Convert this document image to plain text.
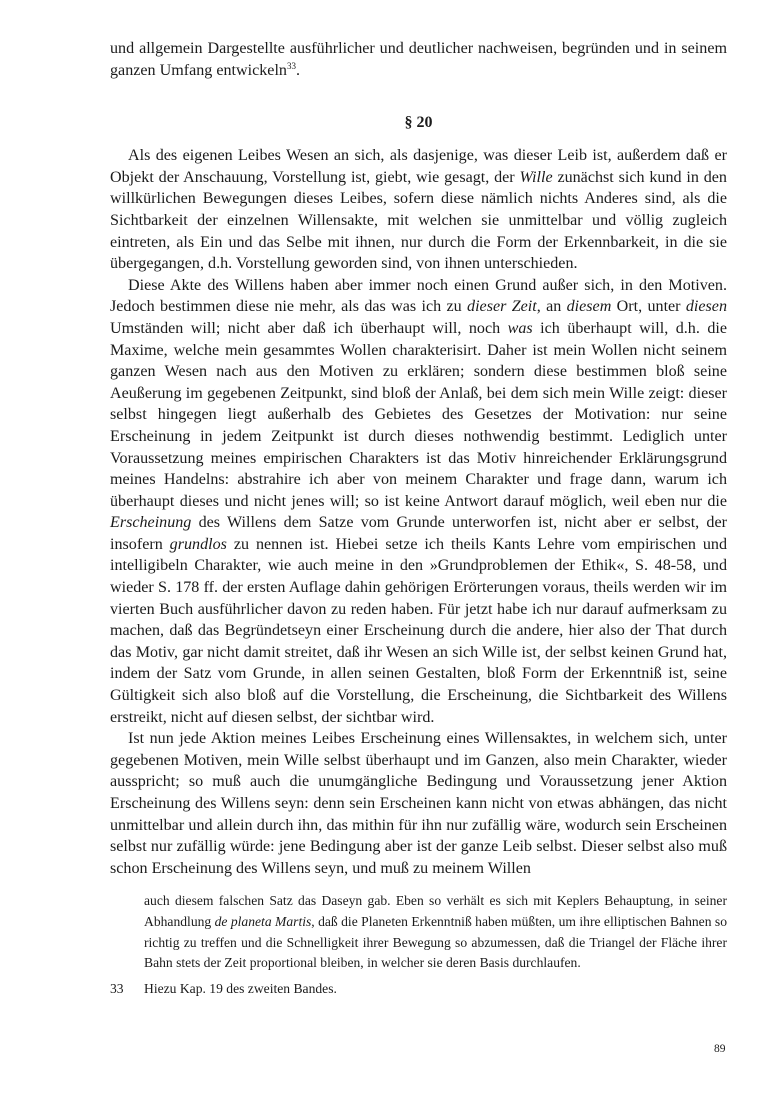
und allgemein Dargestellte ausführlicher und deutlicher nachweisen, begründen und in seinem ganzen Umfang entwickeln$^{33}$.

§ 20

Als des eigenen Leibes Wesen an sich, als dasjenige, was dieser Leib ist, außerdem daß er Objekt der Anschauung, Vorstellung ist, giebt, wie gesagt, der Wille zunächst sich kund in den willkürlichen Bewegungen dieses Leibes, sofern diese nämlich nichts Anderes sind, als die Sichtbarkeit der einzelnen Willensakte, mit welchen sie unmittelbar und völlig zugleich eintreten, als Ein und das Selbe mit ihnen, nur durch die Form der Erkennbarkeit, in die sie übergegangen, d.h. Vorstellung geworden sind, von ihnen unterschieden.

Diese Akte des Willens haben aber immer noch einen Grund außer sich, in den Motiven. Jedoch bestimmen diese nie mehr, als das was ich zu dieser Zeit, an diesem Ort, unter diesen Umständen will; nicht aber daß ich überhaupt will, noch was ich überhaupt will, d.h. die Maxime, welche mein gesammtes Wollen charakterisirt. Daher ist mein Wollen nicht seinem ganzen Wesen nach aus den Motiven zu erklären; sondern diese bestimmen bloß seine Aeußerung im gegebenen Zeitpunkt, sind bloß der Anlaß, bei dem sich mein Wille zeigt: dieser selbst hingegen liegt außerhalb des Gebietes des Gesetzes der Motivation: nur seine Erscheinung in jedem Zeitpunkt ist durch dieses nothwendig bestimmt. Lediglich unter Voraussetzung meines empirischen Charakters ist das Motiv hinreichender Erklärungsgrund meines Handelns: abstrahire ich aber von meinem Charakter und frage dann, warum ich überhaupt dieses und nicht jenes will; so ist keine Antwort darauf möglich, weil eben nur die Erscheinung des Willens dem Satze vom Grunde unterworfen ist, nicht aber er selbst, der insofern grundlos zu nennen ist. Hiebei setze ich theils Kants Lehre vom empirischen und intelligibeln Charakter, wie auch meine in den »Grundproblemen der Ethik«, S. 48-58, und wieder S. 178 ff. der ersten Auflage dahin gehörigen Erörterungen voraus, theils werden wir im vierten Buch ausführlicher davon zu reden haben. Für jetzt habe ich nur darauf aufmerksam zu machen, daß das Begründetseyn einer Erscheinung durch die andere, hier also der That durch das Motiv, gar nicht damit streitet, daß ihr Wesen an sich Wille ist, der selbst keinen Grund hat, indem der Satz vom Grunde, in allen seinen Gestalten, bloß Form der Erkenntniß ist, seine Gültigkeit sich also bloß auf die Vorstellung, die Erscheinung, die Sichtbarkeit des Willens erstreikt, nicht auf diesen selbst, der sichtbar wird.

Ist nun jede Aktion meines Leibes Erscheinung eines Willensaktes, in welchem sich, unter gegebenen Motiven, mein Wille selbst überhaupt und im Ganzen, also mein Charakter, wieder ausspricht; so muß auch die unumgängliche Bedingung und Voraussetzung jener Aktion Erscheinung des Willens seyn: denn sein Erscheinen kann nicht von etwas abhängen, das nicht unmittelbar und allein durch ihn, das mithin für ihn nur zufällig wäre, wodurch sein Erscheinen selbst nur zufällig würde: jene Bedingung aber ist der ganze Leib selbst. Dieser selbst also muß schon Erscheinung des Willens seyn, und muß zu meinem Willen

auch diesem falschen Satz das Daseyn gab. Eben so verhält es sich mit Keplers Behauptung, in seiner Abhandlung de planeta Martis, daß die Planeten Erkenntniß haben müßten, um ihre elliptischen Bahnen so richtig zu treffen und die Schnelligkeit ihrer Bewegung so abzumessen, daß die Triangel der Fläche ihrer Bahn stets der Zeit proportional bleiben, in welcher sie deren Basis durchlaufen.
33	Hiezu Kap. 19 des zweiten Bandes.
89
